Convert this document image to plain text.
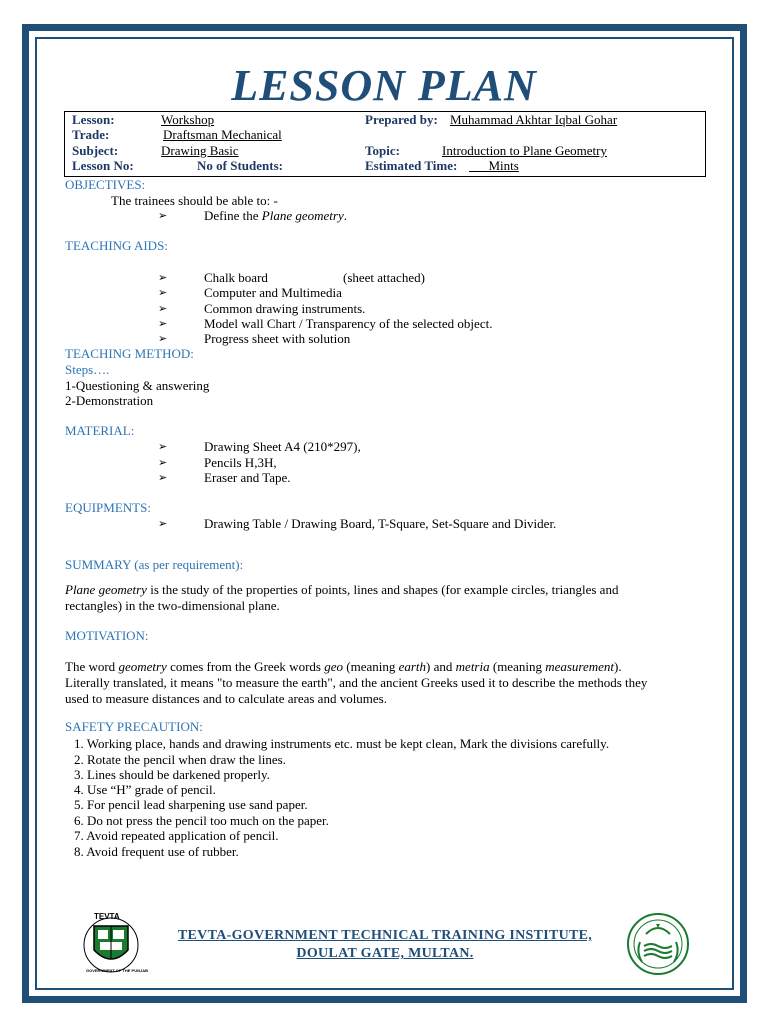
LESSON PLAN
Lesson:	Workshop	Prepared by: Muhammad Akhtar Iqbal Gohar
Trade:	Draftsman Mechanical
Subject:	Drawing Basic	Topic:	Introduction to Plane Geometry
Lesson No:	No of Students:	Estimated Time:	Mints
OBJECTIVES:
The trainees should be able to: -
➢	Define the Plane geometry.
TEACHING AIDS:
➢	Chalk board	(sheet attached)
➢	Computer and Multimedia
➢	Common drawing instruments.
➢	Model wall Chart / Transparency of the selected object.
➢	Progress sheet with solution
TEACHING METHOD:
Steps….
1-Questioning & answering
2-Demonstration
MATERIAL:
➢	Drawing Sheet A4 (210*297),
➢	Pencils H,3H,
➢	Eraser and Tape.
EQUIPMENTS:
➢	Drawing Table / Drawing Board, T-Square, Set-Square and Divider.
SUMMARY (as per requirement):
Plane geometry is the study of the properties of points, lines and shapes (for example circles, triangles and
rectangles) in the two-dimensional plane.
MOTIVATION:
The word geometry comes from the Greek words geo (meaning earth) and metria (meaning measurement).
Literally translated, it means "to measure the earth", and the ancient Greeks used it to describe the methods they
used to measure distances and to calculate areas and volumes.
SAFETY PRECAUTION:
1. Working place, hands and drawing instruments etc. must be kept clean, Mark the divisions carefully.
2. Rotate the pencil when draw the lines.
3. Lines should be darkened properly.
4. Use “H” grade of pencil.
5. For pencil lead sharpening use sand paper.
6. Do not press the pencil too much on the paper.
7. Avoid repeated application of pencil.
8. Avoid frequent use of rubber.
TEVTA
GOVERNMENT OF THE PUNJAB
TEVTA-GOVERNMENT TECHNICAL TRAINING INSTITUTE,
DOULAT GATE, MULTAN.
